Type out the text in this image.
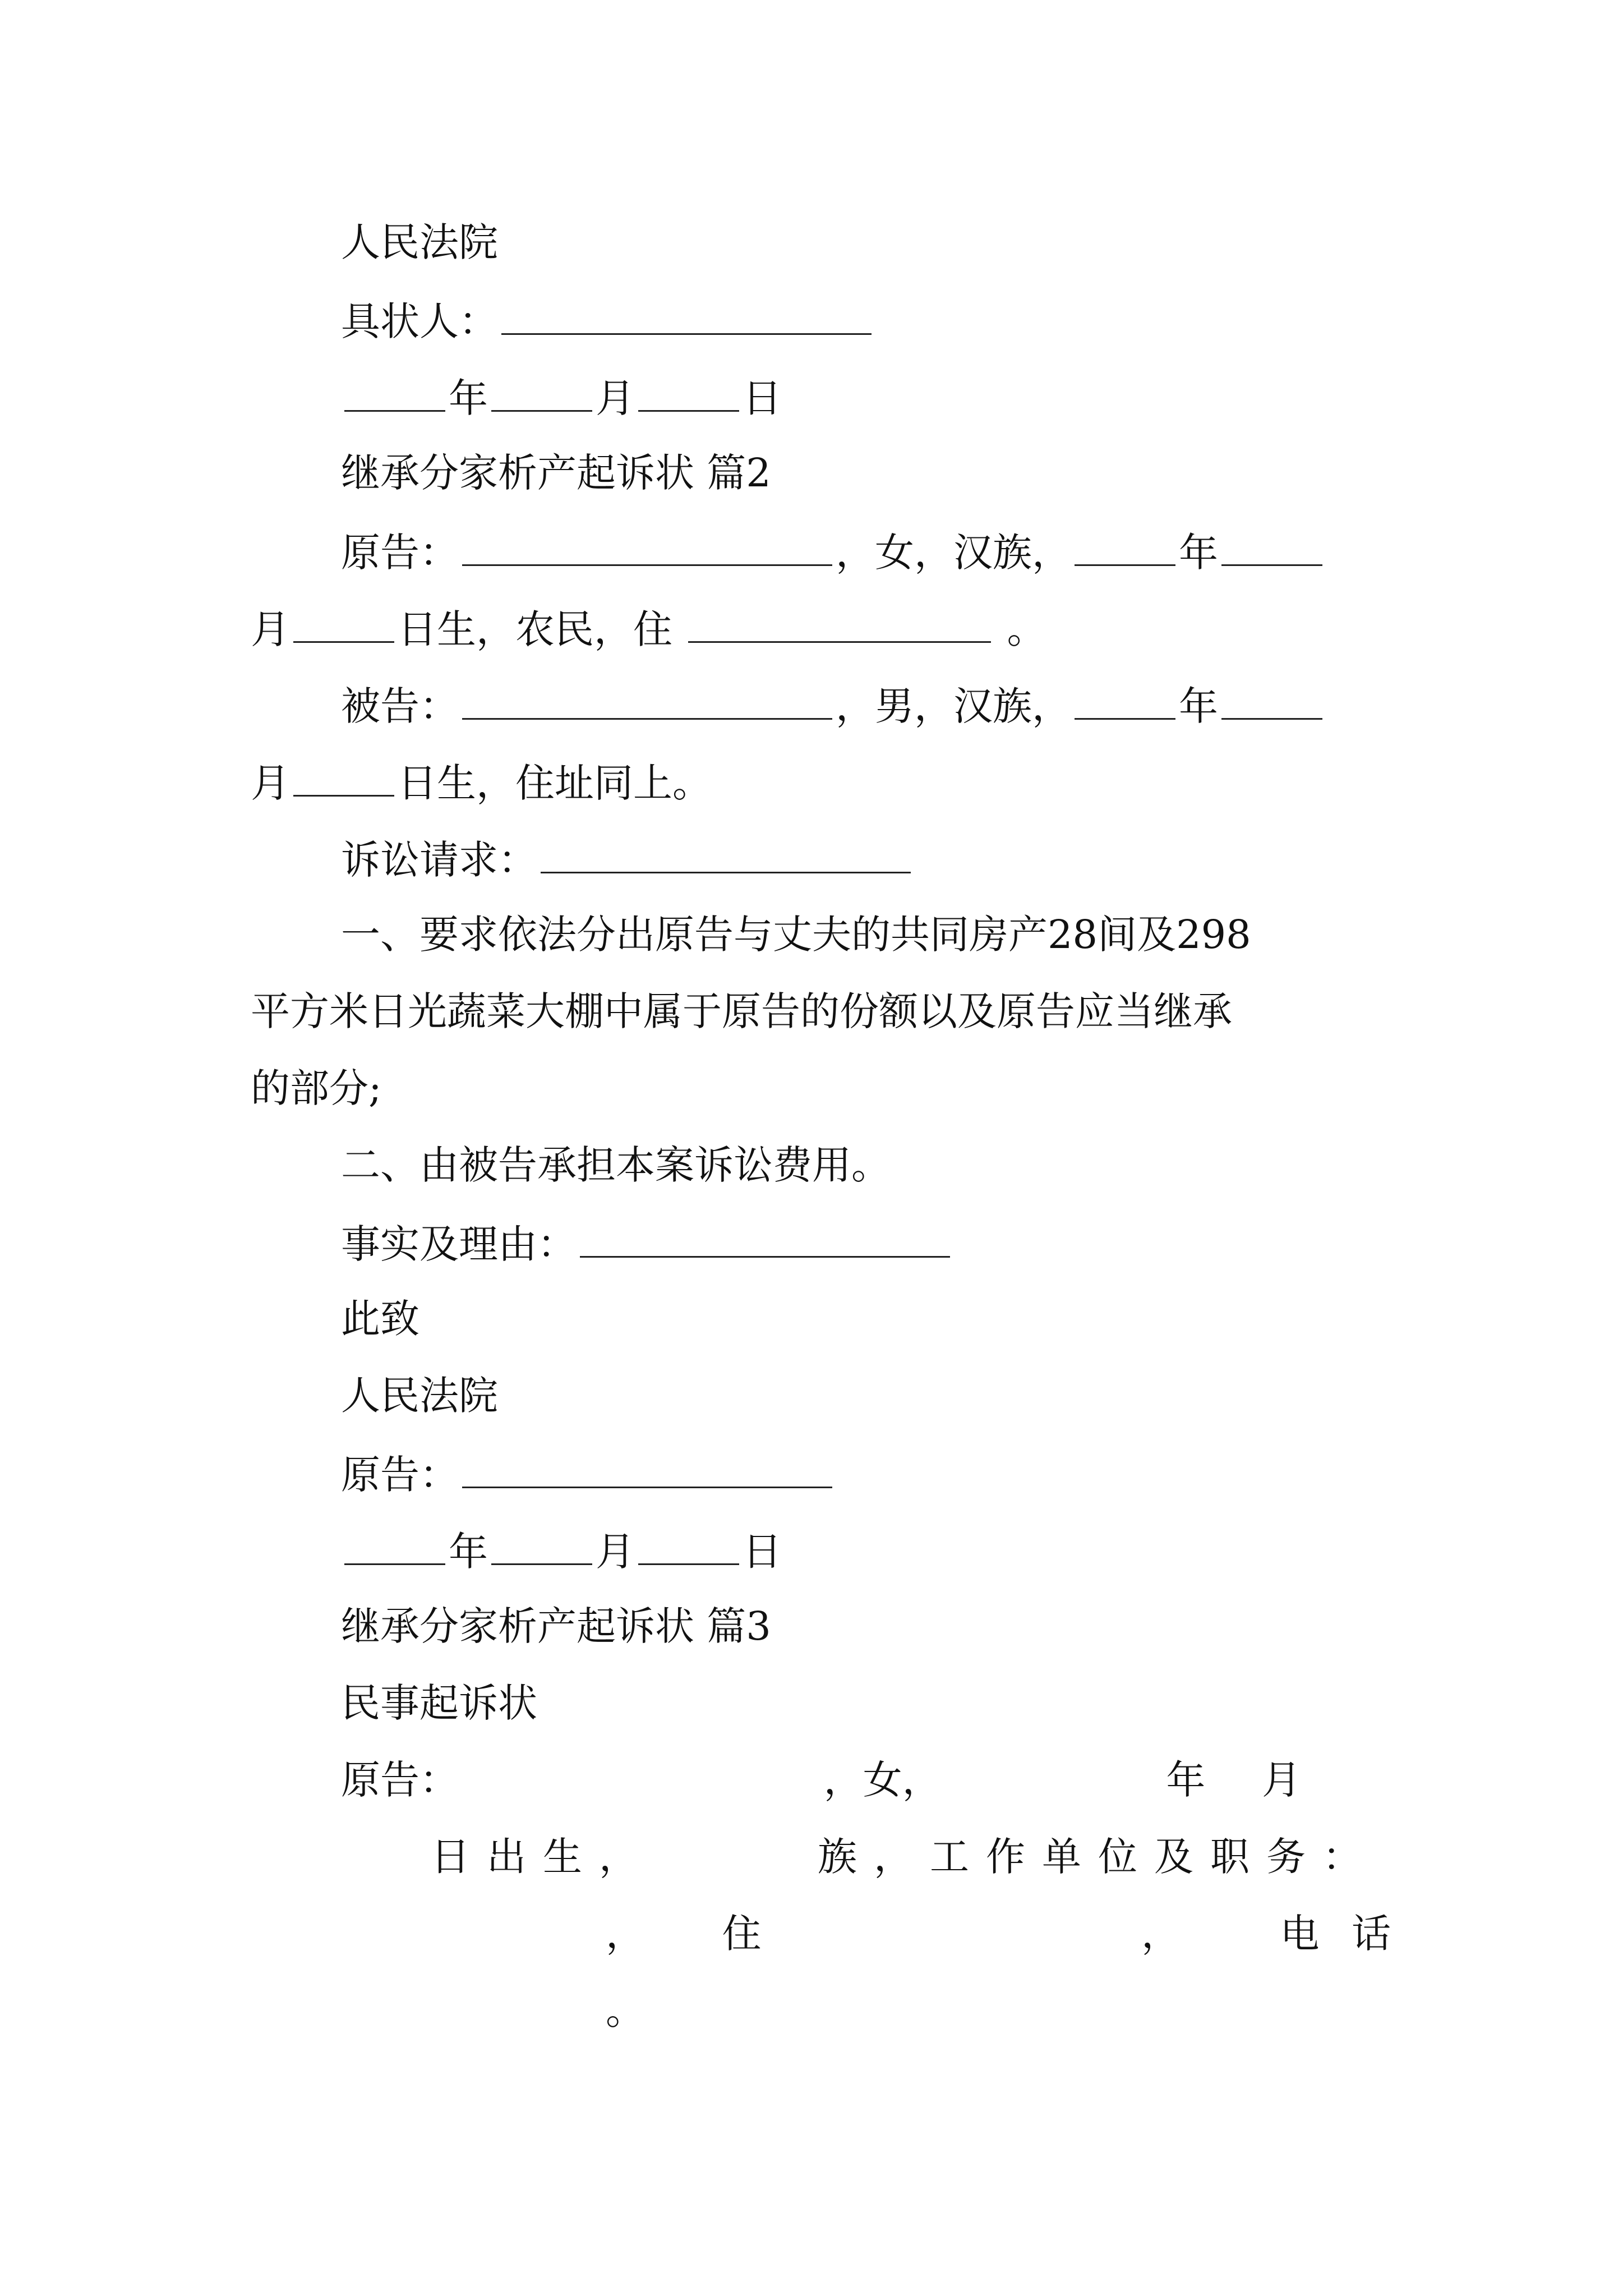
人民法院
具状人：
年	月	日
继承分家析产起诉状 篇2
原告：	，女，汉族，	年
月	日生，农民，住	。
被告：	，男，汉族，	年
月	日生，住址同上。
诉讼请求：
一、要求依法分出原告与丈夫的共同房产28间及298
平方米日光蔬菜大棚中属于原告的份额以及原告应当继承
的部分;
二、由被告承担本案诉讼费用。
事实及理由：
此致
人民法院
原告：
年	月	日
继承分家析产起诉状 篇3
民事起诉状
原告：	，女，	年 月
日出生，	族，工作单位及职务：
， 住	，	电 话
。
